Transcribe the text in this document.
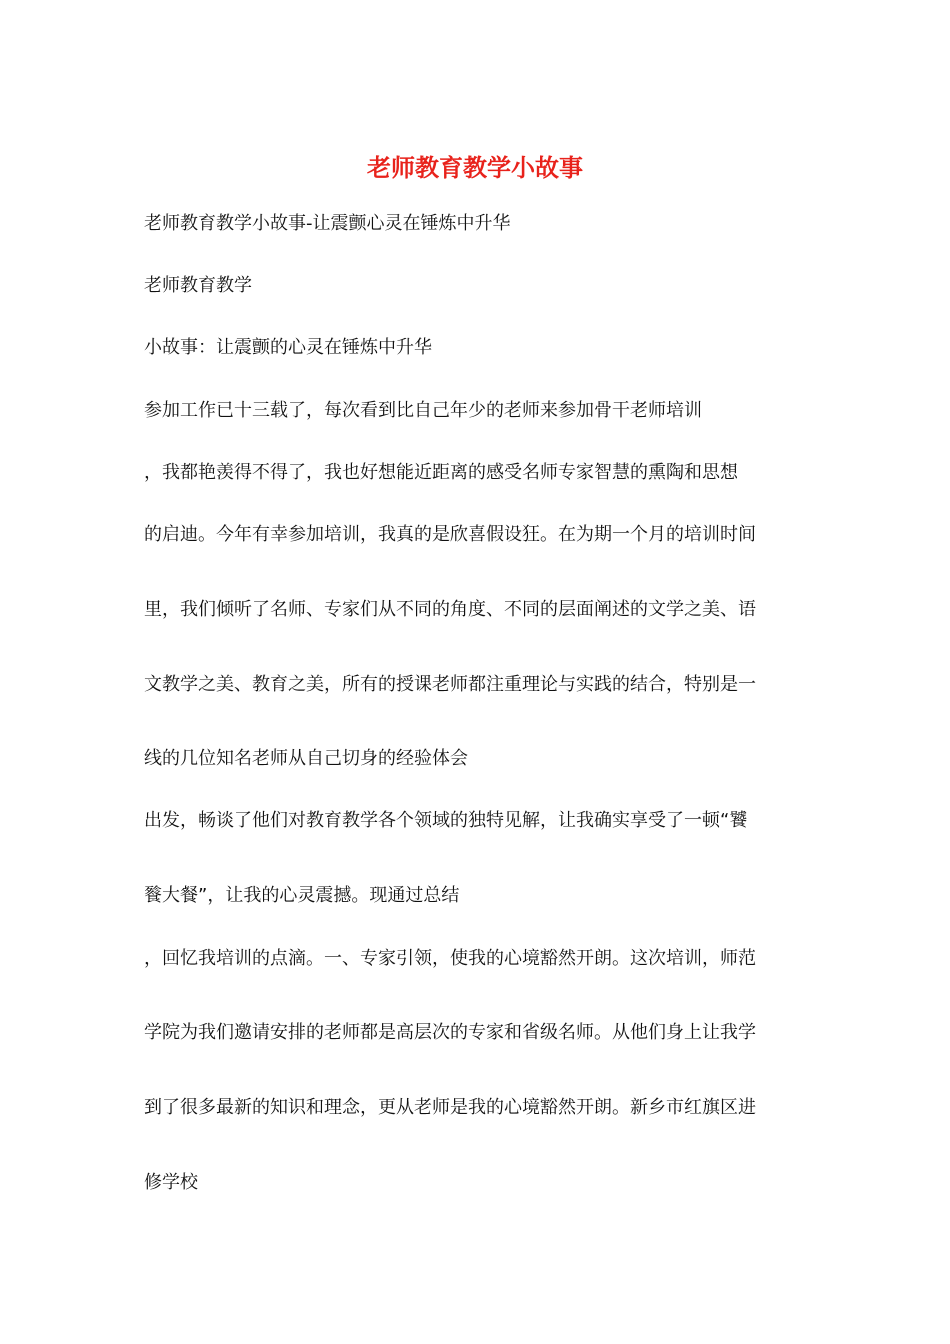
老师教育教学小故事

老师教育教学小故事-让震颤心灵在锤炼中升华

老师教育教学

小故事：让震颤的心灵在锤炼中升华

参加工作已十三载了，每次看到比自己年少的老师来参加骨干老师培训

，我都艳羡得不得了，我也好想能近距离的感受名师专家智慧的熏陶和思想

的启迪。今年有幸参加培训，我真的是欣喜假设狂。在为期一个月的培训时间

里，我们倾听了名师、专家们从不同的角度、不同的层面阐述的文学之美、语

文教学之美、教育之美，所有的授课老师都注重理论与实践的结合，特别是一

线的几位知名老师从自己切身的经验体会

出发，畅谈了他们对教育教学各个领域的独特见解，让我确实享受了一顿“饕

餮大餐”，让我的心灵震撼。现通过总结

，回忆我培训的点滴。一、专家引领，使我的心境豁然开朗。这次培训，师范

学院为我们邀请安排的老师都是高层次的专家和省级名师。从他们身上让我学

到了很多最新的知识和理念，更从老师是我的心境豁然开朗。新乡市红旗区进

修学校
